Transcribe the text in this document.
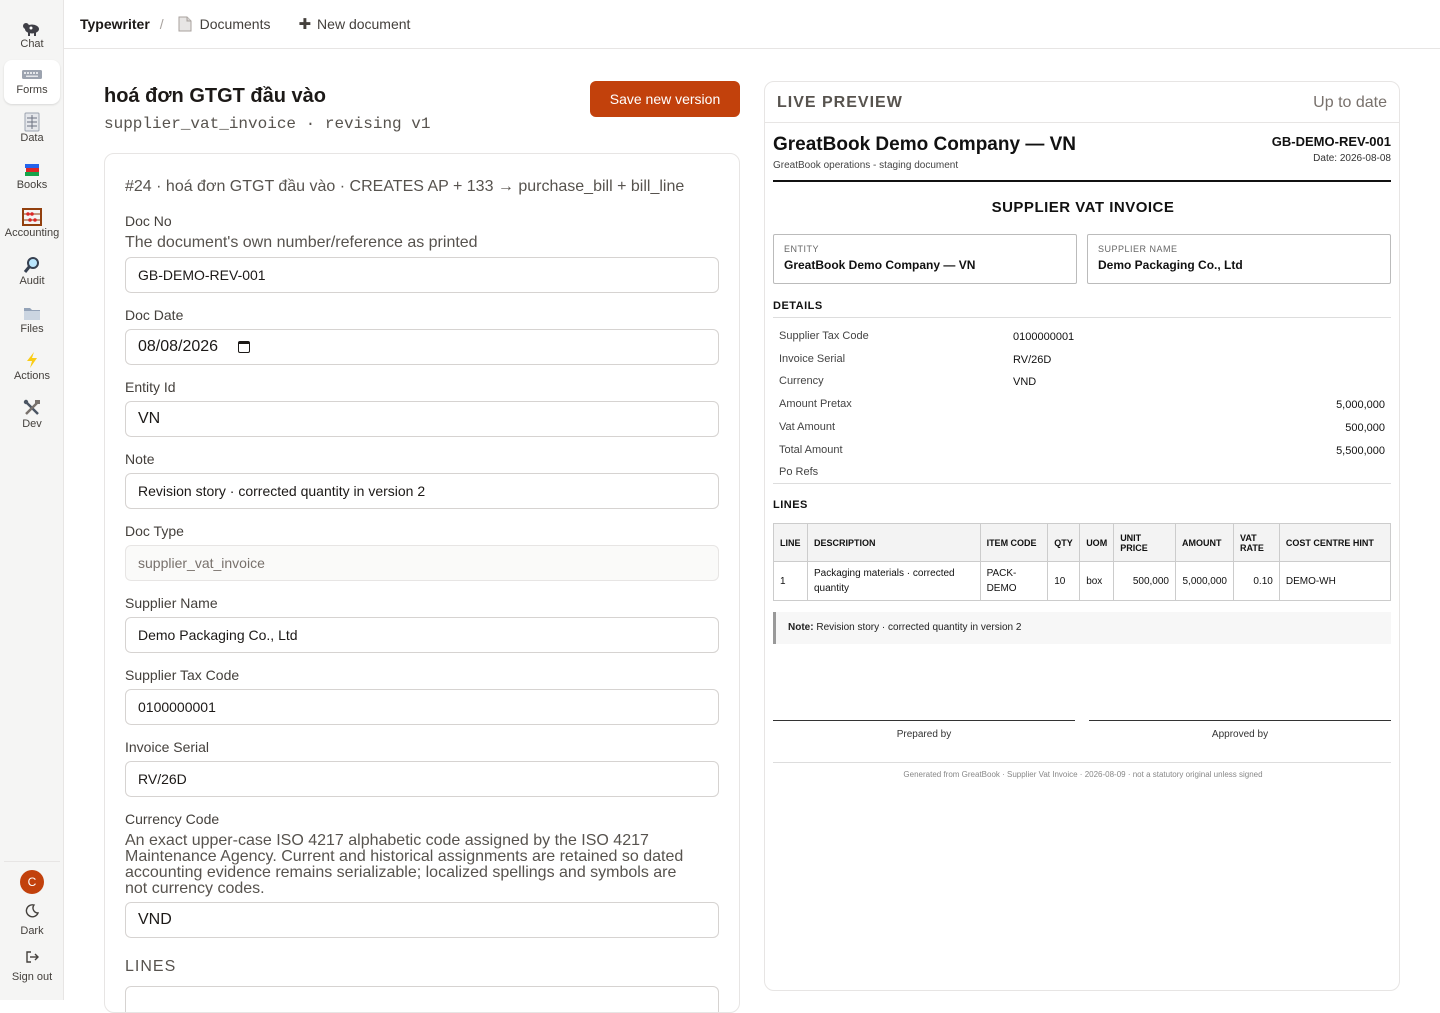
Chat
Forms
Data
Books
Accounting
Audit
Files
Actions
Dev
C
Dark
Sign out
Typewriter /	Documents ✚ New document
hoá đơn GTGT đầu vào
supplier_vat_invoice · revising v1
Save new version
#24 · hoá đơn GTGT đầu vào · CREATES AP + 133 → purchase_bill + bill_line
Doc No
The document's own number/reference as printed
GB-DEMO-REV-001
Doc Date
08/08/2026
Entity Id
VN
Note
Revision story · corrected quantity in version 2
Doc Type
supplier_vat_invoice
Supplier Name
Demo Packaging Co., Ltd
Supplier Tax Code
0100000001
Invoice Serial
RV/26D
Currency Code
An exact upper-case ISO 4217 alphabetic code assigned by the ISO 4217 Maintenance Agency. Current and historical assignments are retained so dated accounting evidence remains serializable; localized spellings and symbols are not currency codes.
VND
LINES
LIVE PREVIEW	Up to date
GreatBook Demo Company — VN
GreatBook operations - staging document
GB-DEMO-REV-001
Date: 2026-08-08
SUPPLIER VAT INVOICE
ENTITY
GreatBook Demo Company — VN
SUPPLIER NAME
Demo Packaging Co., Ltd
DETAILS
Supplier Tax Code	0100000001
Invoice Serial	RV/26D
Currency	VND
Amount Pretax	5,000,000
Vat Amount	500,000
Total Amount	5,500,000
Po Refs
LINES
LINE	DESCRIPTION	ITEM CODE	QTY	UOM	UNIT PRICE	AMOUNT	VAT RATE	COST CENTRE HINT
1	Packaging materials · corrected quantity	PACK-DEMO	10	box	500,000	5,000,000	0.10	DEMO-WH
Note: Revision story · corrected quantity in version 2
Prepared by	Approved by
Generated from GreatBook · Supplier Vat Invoice · 2026-08-09 · not a statutory original unless signed
